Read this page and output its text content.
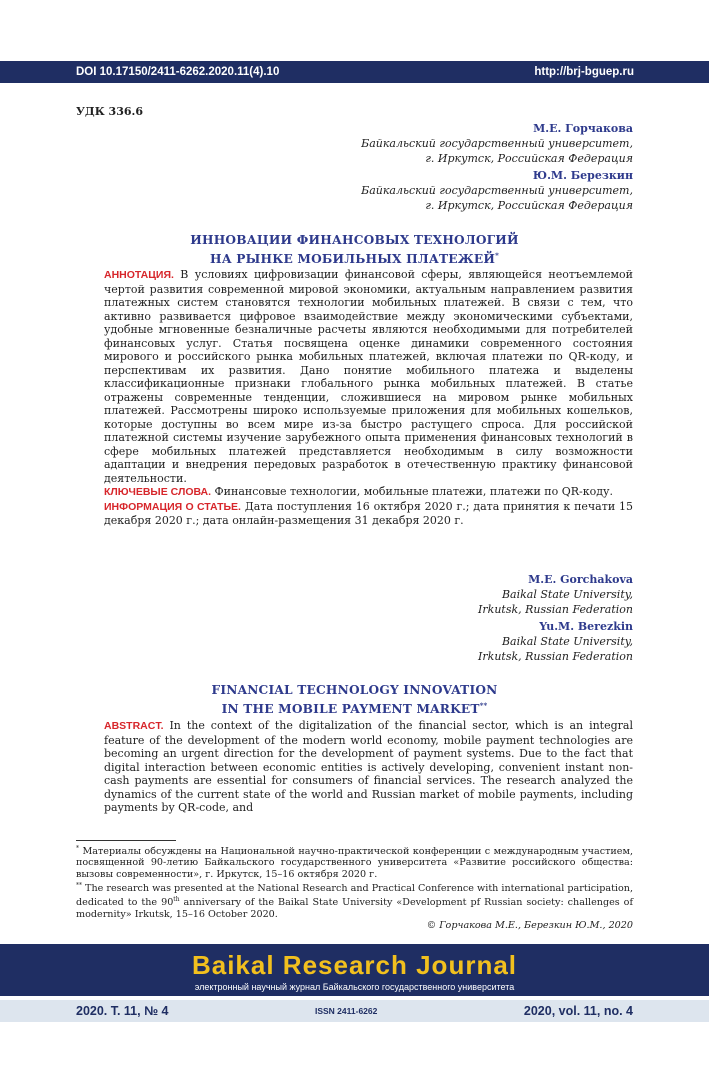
DOI 10.17150/2411-6262.2020.11(4).10	http://brj-bguep.ru
УДК 336.6
М.Е. Горчакова
Байкальский государственный университет,
г. Иркутск, Российская Федерация
Ю.М. Березкин
Байкальский государственный университет,
г. Иркутск, Российская Федерация
ИННОВАЦИИ ФИНАНСОВЫХ ТЕХНОЛОГИЙ
НА РЫНКЕ МОБИЛЬНЫХ ПЛАТЕЖЕЙ*

АННОТАЦИЯ. В условиях цифровизации финансовой сферы, являющейся неотъемлемой чертой развития современной мировой экономики, актуальным направлением развития платежных систем становятся технологии мобильных платежей. В связи с тем, что активно развивается цифровое взаимодействие между экономическими субъектами, удобные мгновенные безналичные расчеты являются необходимыми для потребителей финансовых услуг. Статья посвящена оценке динамики современного состояния мирового и российского рынка мобильных платежей, включая платежи по QR-коду, и перспективам их развития. Дано понятие мобильного платежа и выделены классификационные признаки глобального рынка мобильных платежей. В статье отражены современные тенденции, сложившиеся на мировом рынке мобильных платежей. Рассмотрены широко используемые приложения для мобильных кошельков, которые доступны во всем мире из-за быстро растущего спроса. Для российской платежной системы изучение зарубежного опыта применения финансовых технологий в сфере мобильных платежей представляется необходимым в силу возможности адаптации и внедрения передовых разработок в отечественную практику финансовой деятельности.

КЛЮЧЕВЫЕ СЛОВА. Финансовые технологии, мобильные платежи, платежи по QR-коду.

ИНФОРМАЦИЯ О СТАТЬЕ. Дата поступления 16 октября 2020 г.; дата принятия к печати 15 декабря 2020 г.; дата онлайн-размещения 31 декабря 2020 г.

M.E. Gorchakova
Baikal State University,
Irkutsk, Russian Federation
Yu.M. Berezkin
Baikal State University,
Irkutsk, Russian Federation
FINANCIAL TECHNOLOGY INNOVATION
IN THE MOBILE PAYMENT MARKET**

ABSTRACT. In the context of the digitalization of the financial sector, which is an integral feature of the development of the modern world economy, mobile payment technologies are becoming an urgent direction for the development of payment systems. Due to the fact that digital interaction between economic entities is actively developing, convenient instant non-cash payments are essential for consumers of financial services. The research analyzed the dynamics of the current state of the world and Russian market of mobile payments, including payments by QR-code, and

* Материалы обсуждены на Национальной научно-практической конференции с международным участием, посвященной 90-летию Байкальского государственного университета «Развитие российского общества: вызовы современности», г. Иркутск, 15–16 октября 2020 г.

** The research was presented at the National Research and Practical Conference with international participation, dedicated to the 90th anniversary of the Baikal State University «Development pf Russian society: challenges of modernity» Irkutsk, 15–16 October 2020.

© Горчакова М.Е., Березкин Ю.М., 2020
Baikal Research Journal
электронный научный журнал Байкальского государственного университета
2020. Т. 11, № 4	ISSN 2411-6262	2020, vol. 11, no. 4
